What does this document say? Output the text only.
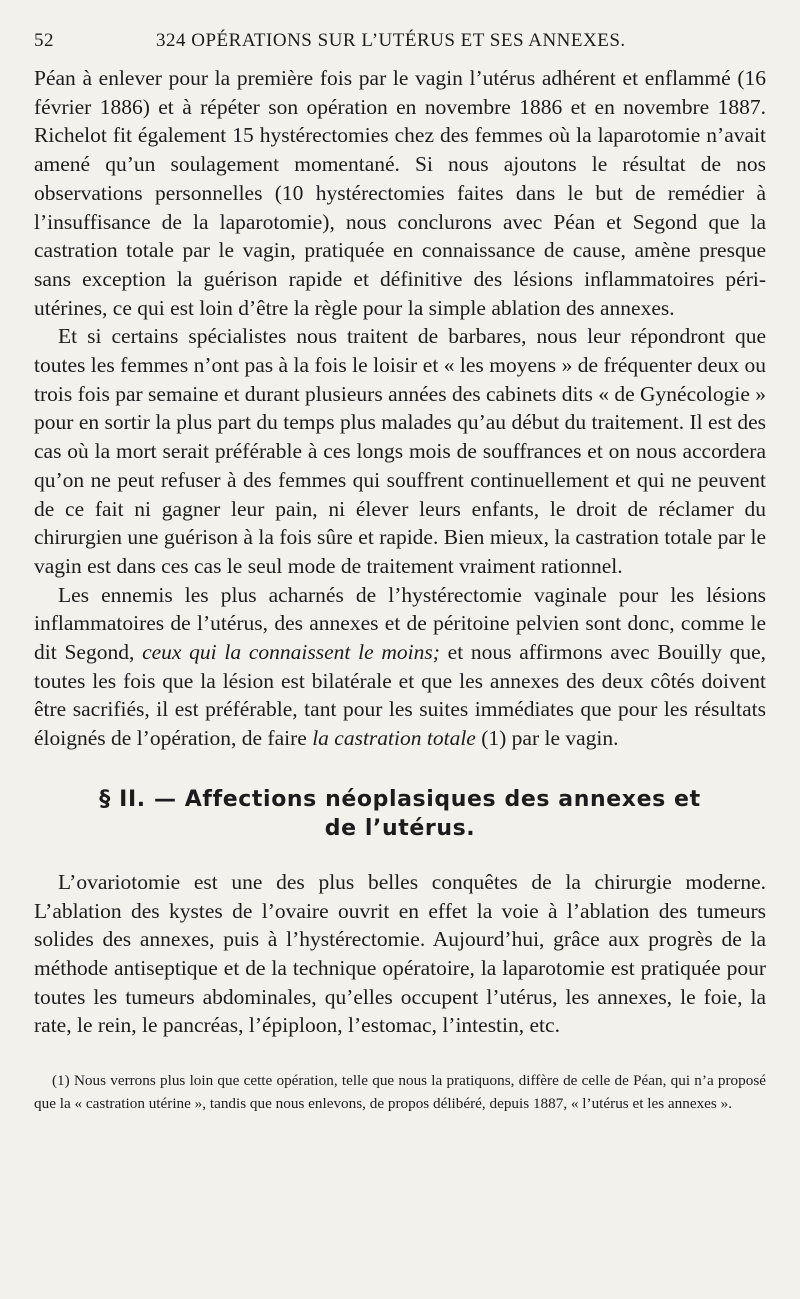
52	324 OPÉRATIONS SUR L’UTÉRUS ET SES ANNEXES.

Péan à enlever pour la première fois par le vagin l’utérus adhérent et enflammé (16 février 1886) et à répéter son opération en novembre 1886 et en novembre 1887. Richelot fit également 15 hystérectomies chez des femmes où la laparotomie n’avait amené qu’un soulagement momentané. Si nous ajoutons le résultat de nos observations personnelles (10 hystérectomies faites dans le but de remédier à l’insuffisance de la laparotomie), nous conclurons avec Péan et Segond que la castration totale par le vagin, pratiquée en connaissance de cause, amène presque sans exception la guérison rapide et définitive des lésions inflammatoires péri-utérines, ce qui est loin d’être la règle pour la simple ablation des annexes.

Et si certains spécialistes nous traitent de barbares, nous leur répondront que toutes les femmes n’ont pas à la fois le loisir et « les moyens » de fréquenter deux ou trois fois par semaine et durant plusieurs années des cabinets dits « de Gynécologie » pour en sortir la plus part du temps plus malades qu’au début du traitement. Il est des cas où la mort serait préférable à ces longs mois de souffrances et on nous accordera qu’on ne peut refuser à des femmes qui souffrent continuellement et qui ne peuvent de ce fait ni gagner leur pain, ni élever leurs enfants, le droit de réclamer du chirurgien une guérison à la fois sûre et rapide. Bien mieux, la castration totale par le vagin est dans ces cas le seul mode de traitement vraiment rationnel.

Les ennemis les plus acharnés de l’hystérectomie vaginale pour les lésions inflammatoires de l’utérus, des annexes et de péritoine pelvien sont donc, comme le dit Segond, ceux qui la connaissent le moins; et nous affirmons avec Bouilly que, toutes les fois que la lésion est bilatérale et que les annexes des deux côtés doivent être sacrifiés, il est préférable, tant pour les suites immédiates que pour les résultats éloignés de l’opération, de faire la castration totale (1) par le vagin.

§ II. — Affections néoplasiques des annexes et
de l’utérus.

L’ovariotomie est une des plus belles conquêtes de la chirurgie moderne. L’ablation des kystes de l’ovaire ouvrit en effet la voie à l’ablation des tumeurs solides des annexes, puis à l’hystérectomie. Aujourd’hui, grâce aux progrès de la méthode antiseptique et de la technique opératoire, la laparotomie est pratiquée pour toutes les tumeurs abdominales, qu’elles occupent l’utérus, les annexes, le foie, la rate, le rein, le pancréas, l’épiploon, l’estomac, l’intestin, etc.

(1) Nous verrons plus loin que cette opération, telle que nous la pratiquons, diffère de celle de Péan, qui n’a proposé que la « castration utérine », tandis que nous enlevons, de propos délibéré, depuis 1887, « l’utérus et les annexes ».
